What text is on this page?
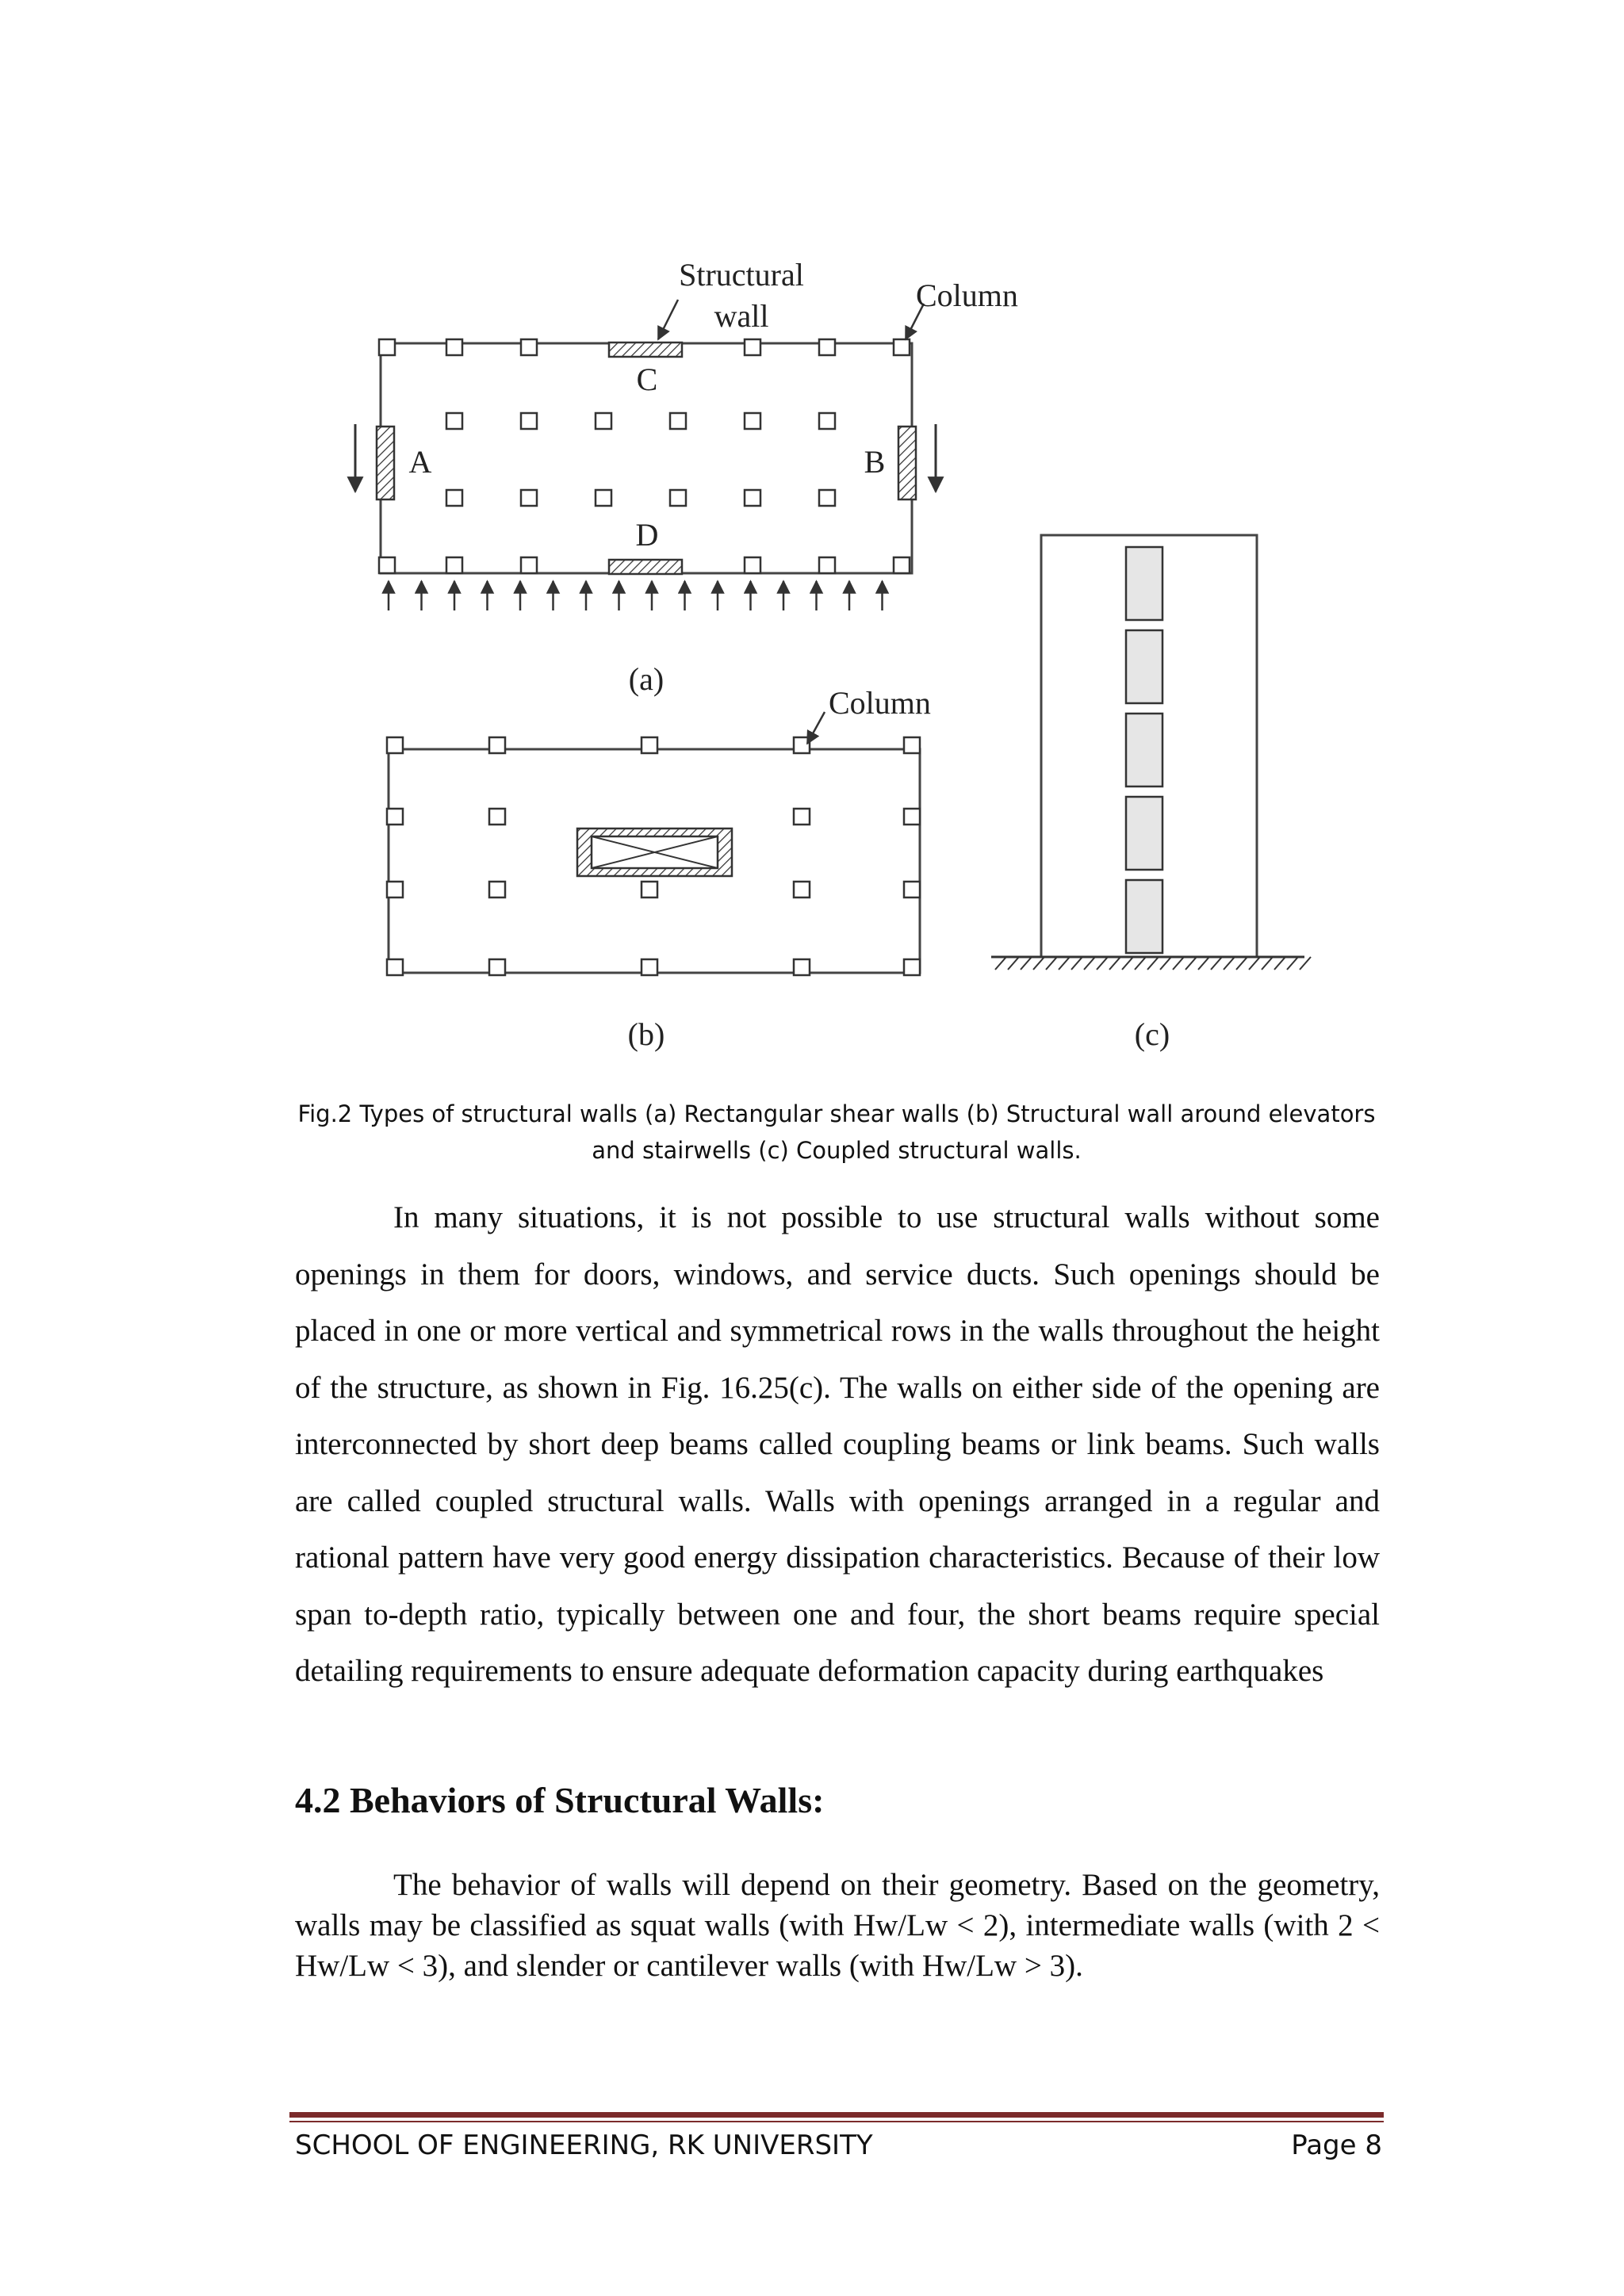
Structural
wall
Column
C
D
A	B
(a)
Column
(b)	(c)

Fig.2 Types of structural walls (a) Rectangular shear walls (b) Structural wall around elevators and stairwells (c) Coupled structural walls.

In many situations, it is not possible to use structural walls without some openings in them for doors, windows, and service ducts. Such openings should be placed in one or more vertical and symmetrical rows in the walls throughout the height of the structure, as shown in Fig. 16.25(c). The walls on either side of the opening are interconnected by short deep beams called coupling beams or link beams. Such walls are called coupled structural walls. Walls with openings arranged in a regular and rational pattern have very good energy dissipation characteristics. Because of their low span to-depth ratio, typically between one and four, the short beams require special detailing requirements to ensure adequate deformation capacity during earthquakes

4.2 Behaviors of Structural Walls:

The behavior of walls will depend on their geometry. Based on the geometry, walls may be classified as squat walls (with Hw/Lw < 2), intermediate walls (with 2 < Hw/Lw < 3), and slender or cantilever walls (with Hw/Lw > 3).

SCHOOL OF ENGINEERING, RK UNIVERSITY	Page 8
